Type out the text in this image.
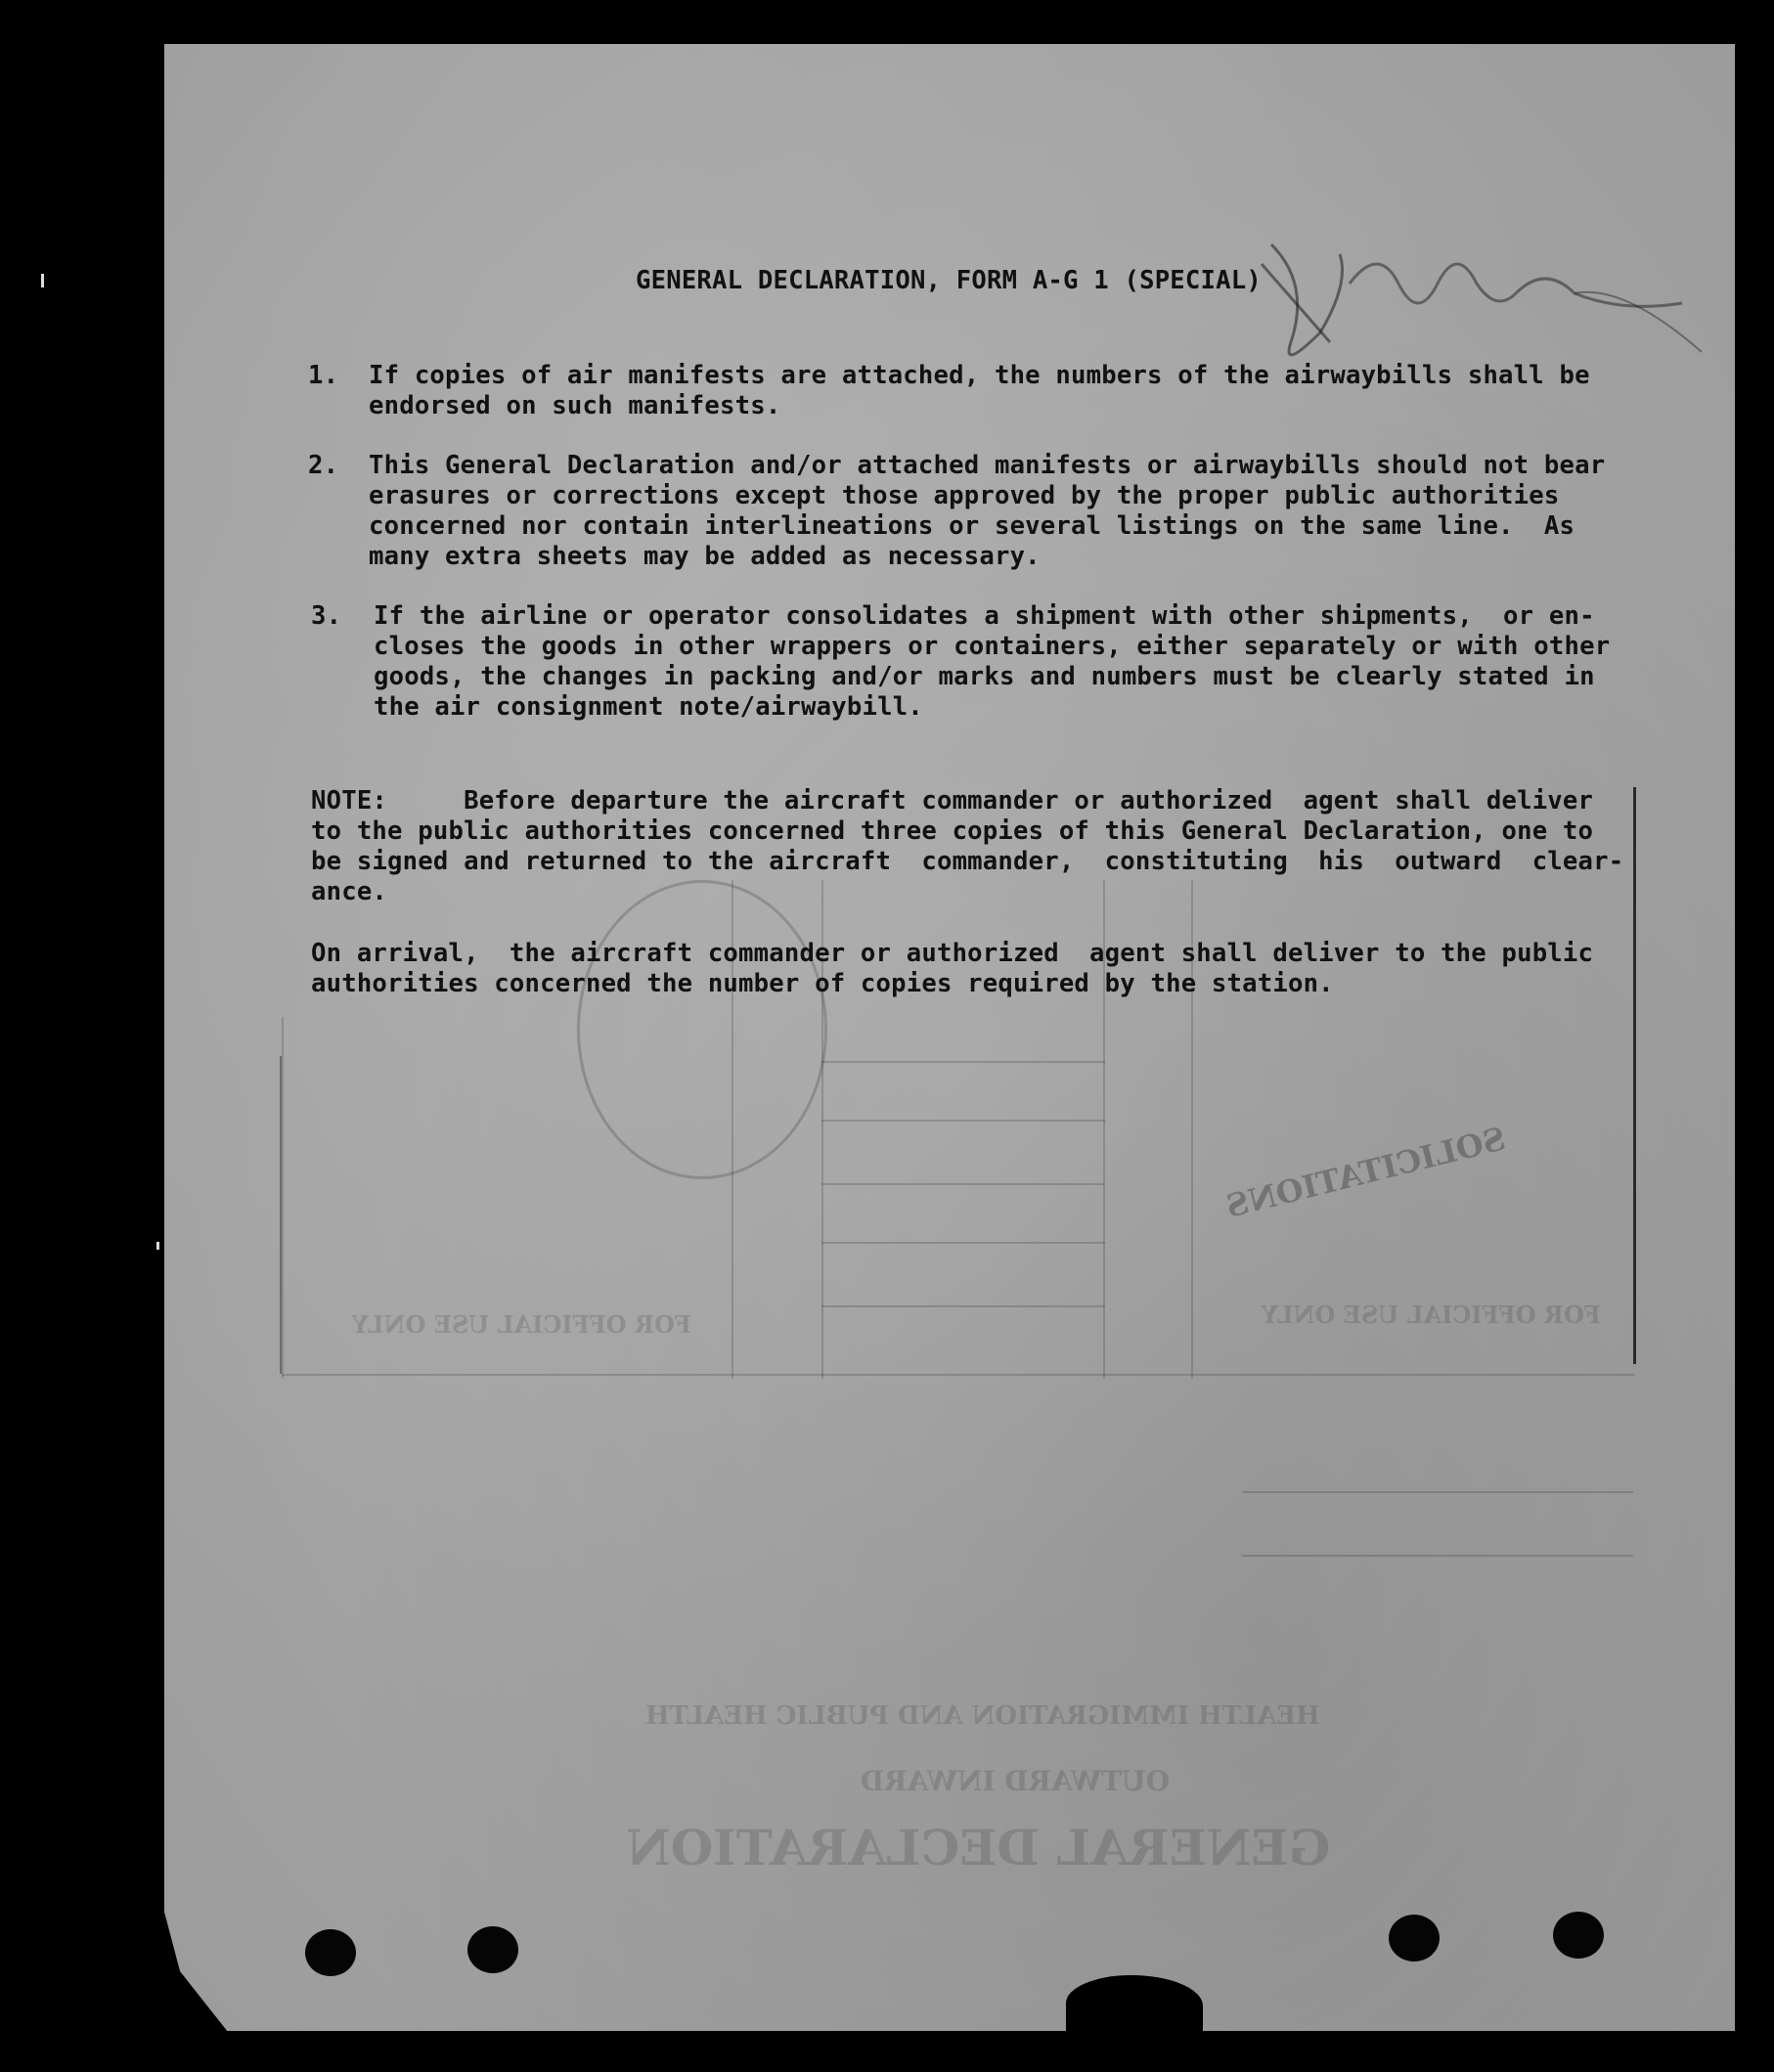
GENERAL DECLARATION
OUTWARD INWARD
HEALTH IMMIGRATION AND PUBLIC HEALTH
FOR OFFICIAL USE ONLY
FOR OFFICIAL USE ONLY
SOLICITATIONS
GENERAL DECLARATION, FORM A-G 1 (SPECIAL)
1. If copies of air manifests are attached, the numbers of the airwaybills shall be
endorsed on such manifests.
2. This General Declaration and/or attached manifests or airwaybills should not bear
erasures or corrections except those approved by the proper public authorities
concerned nor contain interlineations or several listings on the same line.  As
many extra sheets may be added as necessary.
3. If the airline or operator consolidates a shipment with other shipments,  or en-
closes the goods in other wrappers or containers, either separately or with other
goods, the changes in packing and/or marks and numbers must be clearly stated in
the air consignment note/airwaybill.
NOTE:     Before departure the aircraft commander or authorized  agent shall deliver
to the public authorities concerned three copies of this General Declaration, one to
be signed and returned to the aircraft  commander,  constituting  his  outward  clear-
ance.
On arrival,  the aircraft commander or authorized  agent shall deliver to the public
authorities concerned the number of copies required by the station.
